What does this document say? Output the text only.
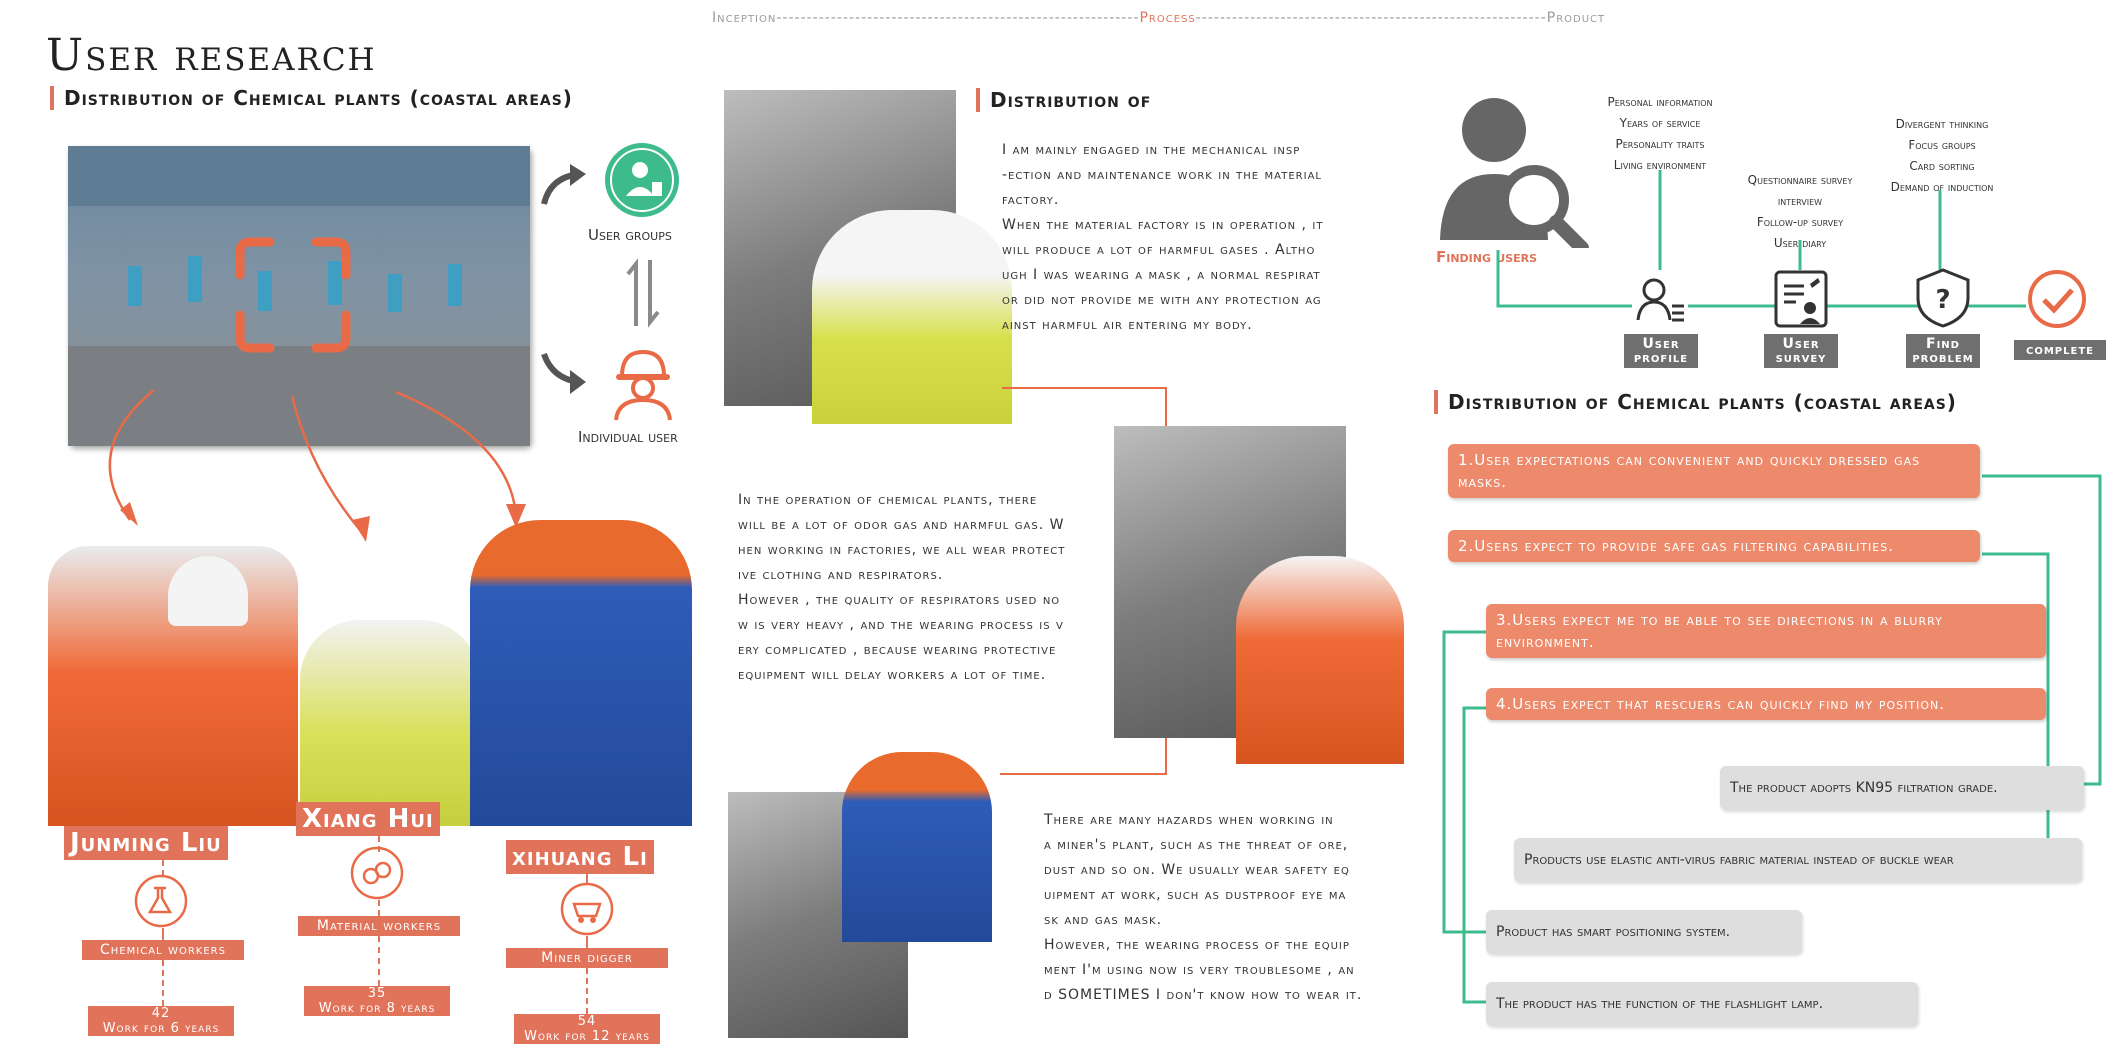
Inception------------------------------------------------------------Process----------------------------------------------------------Product
User research
Distribution of Chemical plants (coastal areas)
User groups
Individual user
Junming Liu
Chemical workers
42
Work for 6 years
Xiang Hui
Material workers
35
Work for 8 years
xihuang Li
Miner digger
54
Work for 12 years
Distribution of
I am mainly engaged in the mechanical insp
-ection and maintenance work in the material
factory.
When the material factory is in operation , it
will produce a lot of harmful gases . Altho
ugh I was wearing a mask , a normal respirat
or did not provide me with any protection ag
ainst harmful air entering my body.
In the operation of chemical plants, there
will be a lot of odor gas and harmful gas. W
hen working in factories, we all wear protect
ive clothing and respirators.
However , the quality of respirators used no
w is very heavy , and the wearing process is v
ery complicated , because wearing protective
equipment will delay workers a lot of time.
There are many hazards when working in
a miner's plant, such as the threat of ore,
dust and so on. We usually wear safety eq
uipment at work, such as dustproof eye ma
sk and gas mask.
However, the wearing process of the equip
ment I'm using now is very troublesome , an
d SOMETIMES I don't know how to wear it.
Finding users
Personal information
Years of service
Personality traits
Living environment
Questionnaire survey
interview
Follow-up survey
User diary
Divergent thinking
Focus groups
Card sorting
Demand of induction
?
User profile
User survey
Find problem	complete
Distribution of Chemical plants (coastal areas)
1.User expectations can convenient and quickly dressed gas masks.
2.Users expect to provide safe gas filtering capabilities.
3.Users expect me to be able to see directions in a blurry environment.
4.Users expect that rescuers can quickly find my position.
The product adopts KN95 filtration grade.
Products use elastic anti-virus fabric material instead of buckle wear
Product has smart positioning system.
The product has the function of the flashlight lamp.
